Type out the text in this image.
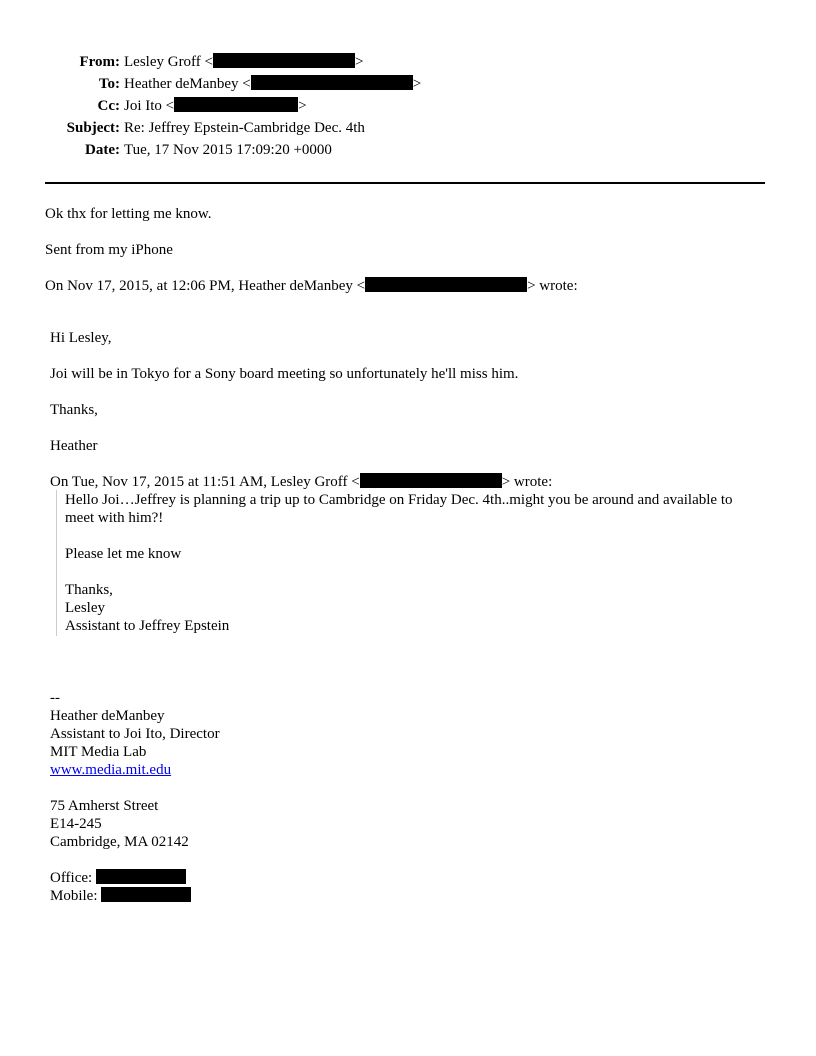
From: Lesley Groff <	>
To: Heather deManbey <	>
Cc: Joi Ito <	>
Subject: Re: Jeffrey Epstein-Cambridge Dec. 4th
Date: Tue, 17 Nov 2015 17:09:20 +0000
Ok thx for letting me know.
Sent from my iPhone
On Nov 17, 2015, at 12:06 PM, Heather deManbey <	> wrote:
Hi Lesley,
Joi will be in Tokyo for a Sony board meeting so unfortunately he'll miss him.
Thanks,
Heather
On Tue, Nov 17, 2015 at 11:51 AM, Lesley Groff <	> wrote:
Hello Joi…Jeffrey is planning a trip up to Cambridge on Friday Dec. 4th..might you be around and available to meet with him?!
Please let me know
Thanks,
Lesley
Assistant to Jeffrey Epstein
--
Heather deManbey
Assistant to Joi Ito, Director
MIT Media Lab
www.media.mit.edu
75 Amherst Street
E14-245
Cambridge, MA 02142
Office:
Mobile:
